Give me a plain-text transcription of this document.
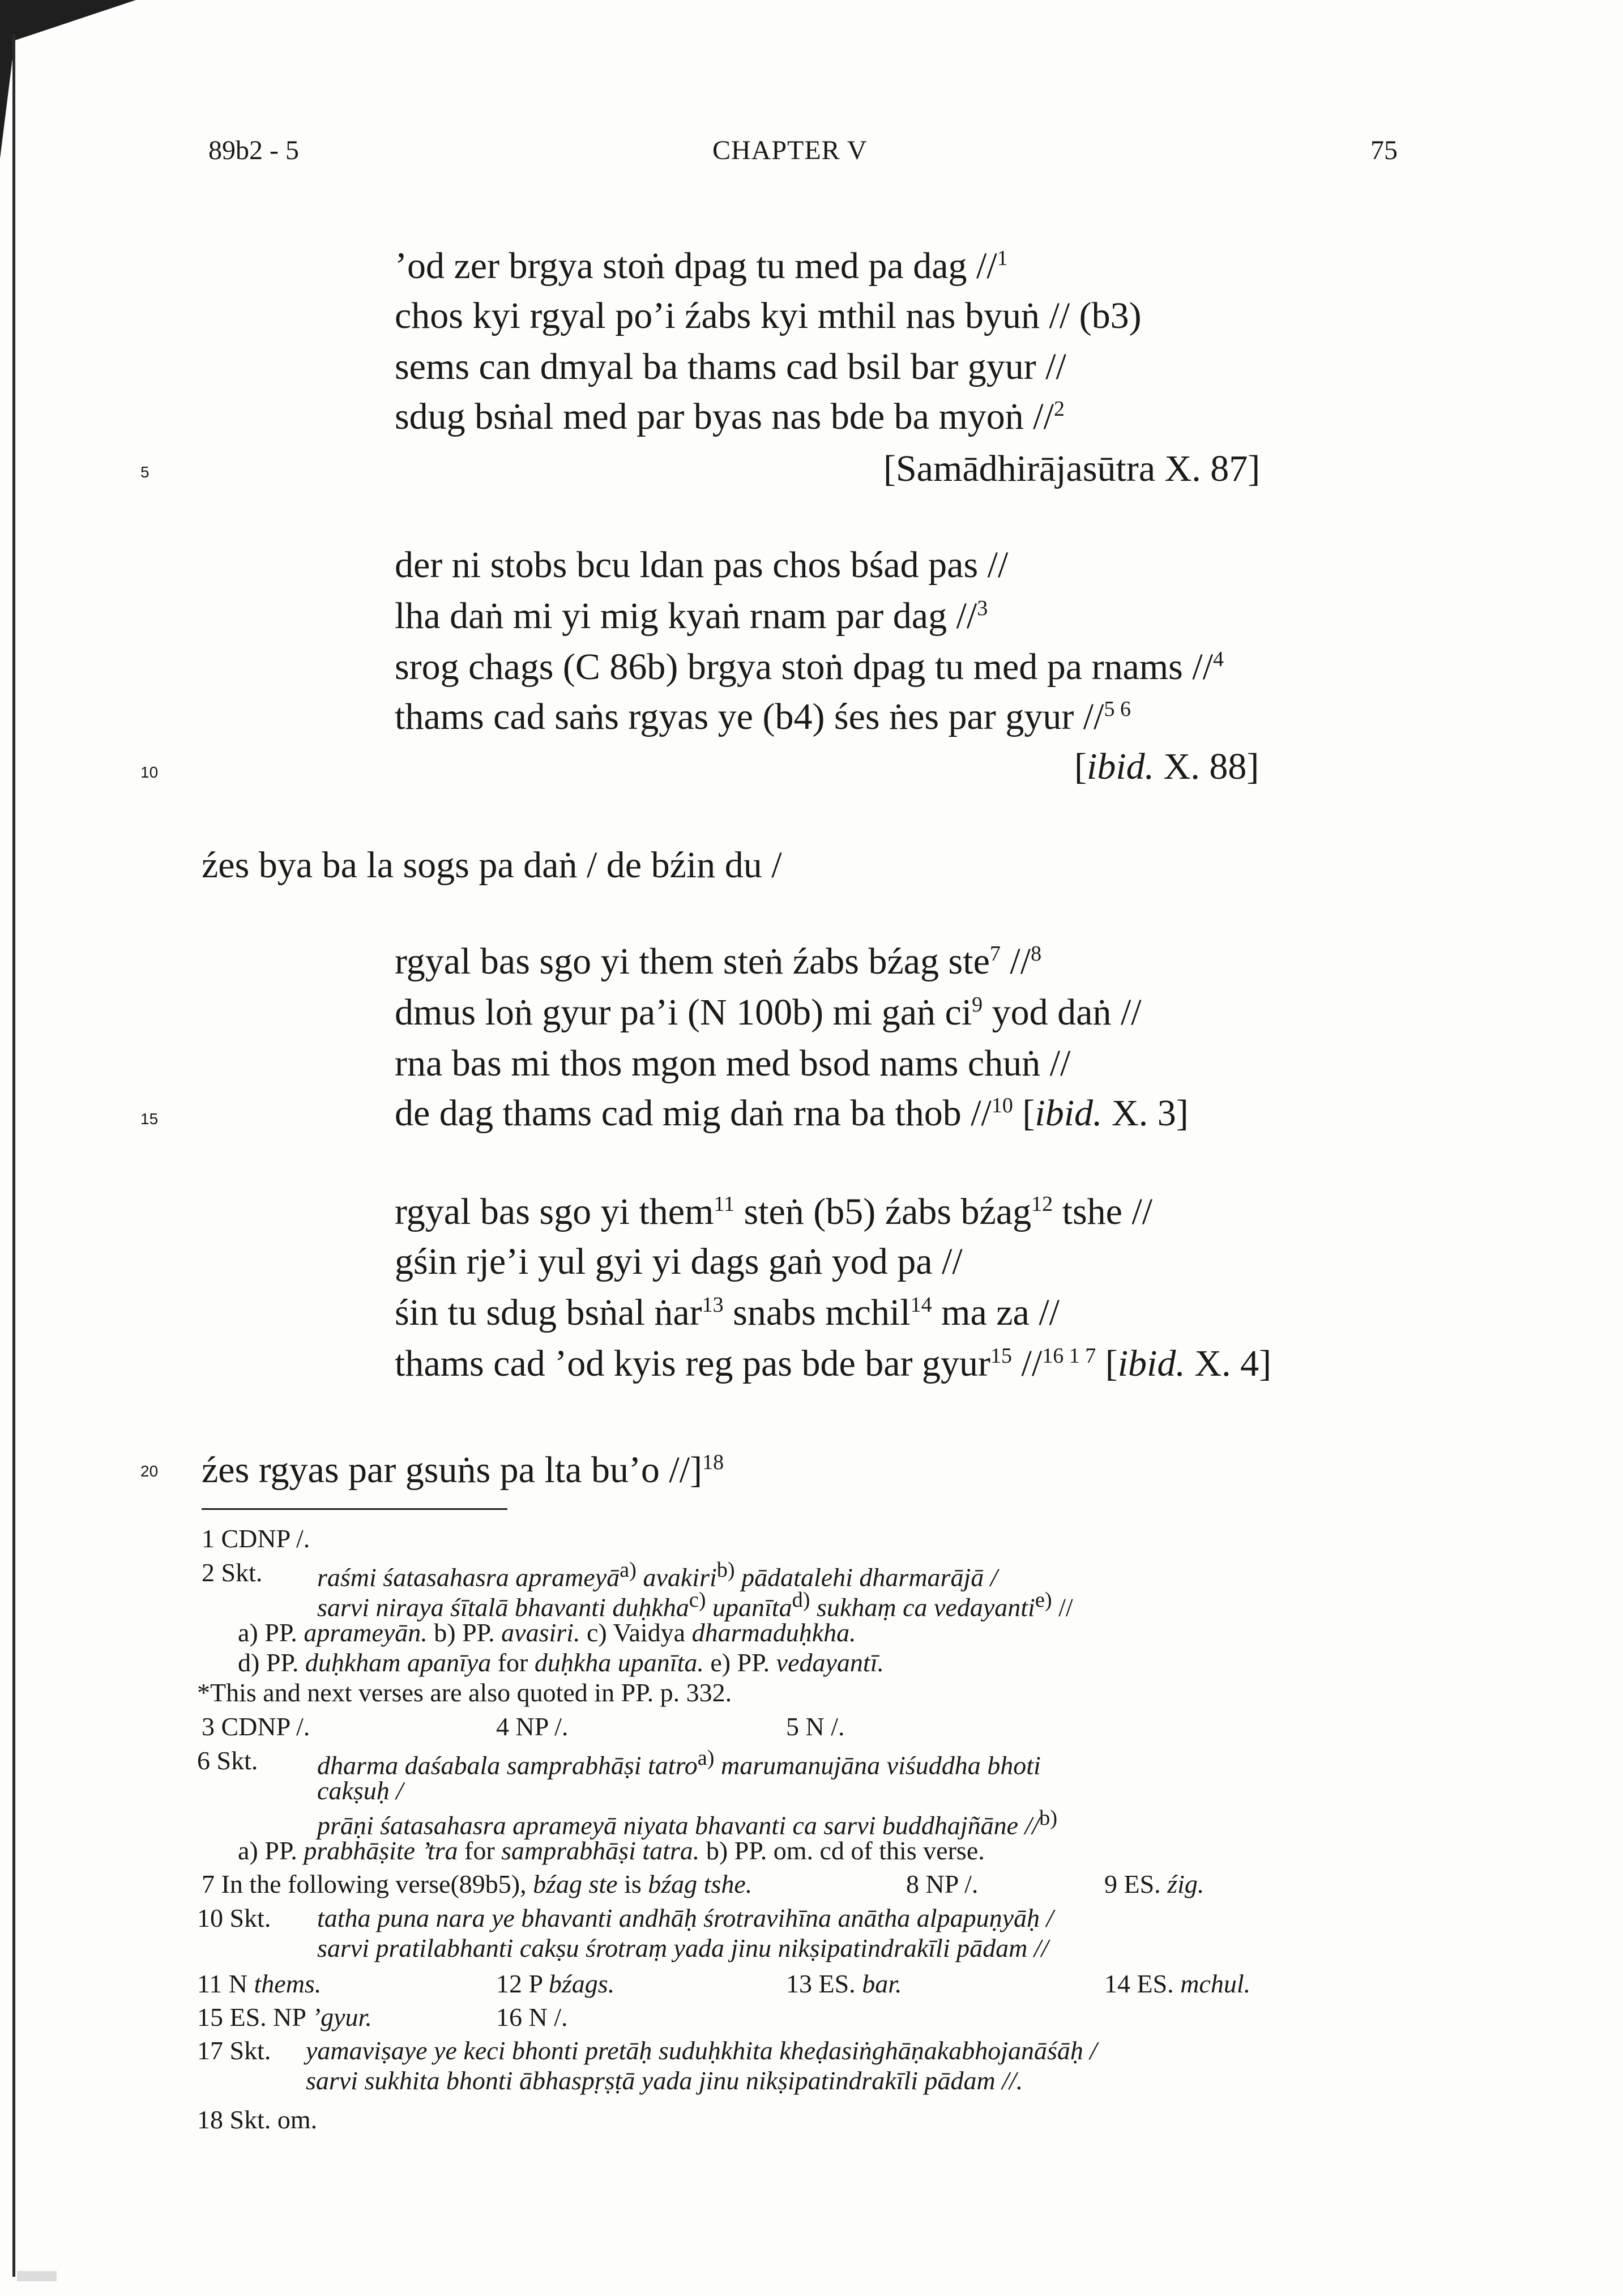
89b2 - 5	CHAPTER V	75
5
10
15
20
’od zer brgya stoṅ dpag tu med pa dag //$^1$
chos kyi rgyal po’i źabs kyi mthil nas byuṅ // (b3)
sems can dmyal ba thams cad bsil bar gyur //
sdug bsṅal med par byas nas bde ba myoṅ //$^2$
[Samādhirājasūtra X. 87]
der ni stobs bcu ldan pas chos bśad pas //
lha daṅ mi yi mig kyaṅ rnam par dag //$^3$
srog chags (C 86b) brgya stoṅ dpag tu med pa rnams //$^4$
thams cad saṅs rgyas ye (b4) śes ṅes par gyur //$^{5 6}$
[ibid. X. 88]
źes bya ba la sogs pa daṅ / de bźin du /
rgyal bas sgo yi them steṅ źabs bźag ste$^7$ //$^8$
dmus loṅ gyur pa’i (N 100b) mi gaṅ $ci^9$ yod daṅ //
rna bas mi thos mgon med bsod nams chuṅ //
de dag thams cad mig daṅ rna ba thob //$^{10}$ [ibid. X. 3]
rgyal bas sgo yi them$^{11}$ steṅ (b5) źabs bźag$^{12}$ tshe //
gśin rje’i yul gyi yi dags gaṅ yod pa //
śin tu sdug bsṅal ṅar$^{13}$ snabs mchil$^{14}$ ma za //
thams cad ’od kyis reg pas bde bar gyur$^{15}$ //$^{16 1 7}$ [ibid. X. 4]
źes rgyas par gsuṅs pa lta bu’o //]$^{18}$
1 CDNP /.
2 Skt. raśmi śatasahasra aprameyā$^{a)}$ avakiri$^{b)}$ pādatalehi dharmarājā /
sarvi niraya śītalā bhavanti duḥkha$^{c)}$ upanīta$^{d)}$ sukhaṃ ca vedayanti$^{e)}$ //
a) PP. aprameyān. b) PP. avasiri. c) Vaidya dharmaduḥkha.
d) PP. duḥkham apanīya for duḥkha upanīta. e) PP. vedayantī.
*This and next verses are also quoted in PP. p. 332.
3 CDNP /.	4 NP /.	5 N /.
6 Skt. dharma daśabala samprabhāṣi tatro$^{a)}$ marumanujāna viśuddha bhoti
cakṣuḥ /
prāṇi śatasahasra aprameyā niyata bhavanti ca sarvi buddhajñāne //$^{b)}$
a) PP. prabhāṣite ’tra for samprabhāṣi tatra. b) PP. om. cd of this verse.
7 In the following verse(89b5), bźag ste is bźag tshe.	8 NP /.	9 ES. źig.
10 Skt. tatha puna nara ye bhavanti andhāḥ śrotravihīna anātha alpapuṇyāḥ /
sarvi pratilabhanti cakṣu śrotraṃ yada jinu nikṣipatindrakīli pādam //
11 N thems.	12 P bźags.	13 ES. bar.	14 ES. mchul.
15 ES. NP ’gyur.	16 N /.
17 Skt. yamaviṣaye ye keci bhonti pretāḥ suduḥkhita kheḍasiṅghāṇakabhojanāśāḥ /
sarvi sukhita bhonti ābhaspṛṣṭā yada jinu nikṣipatindrakīli pādam //.
18 Skt. om.
